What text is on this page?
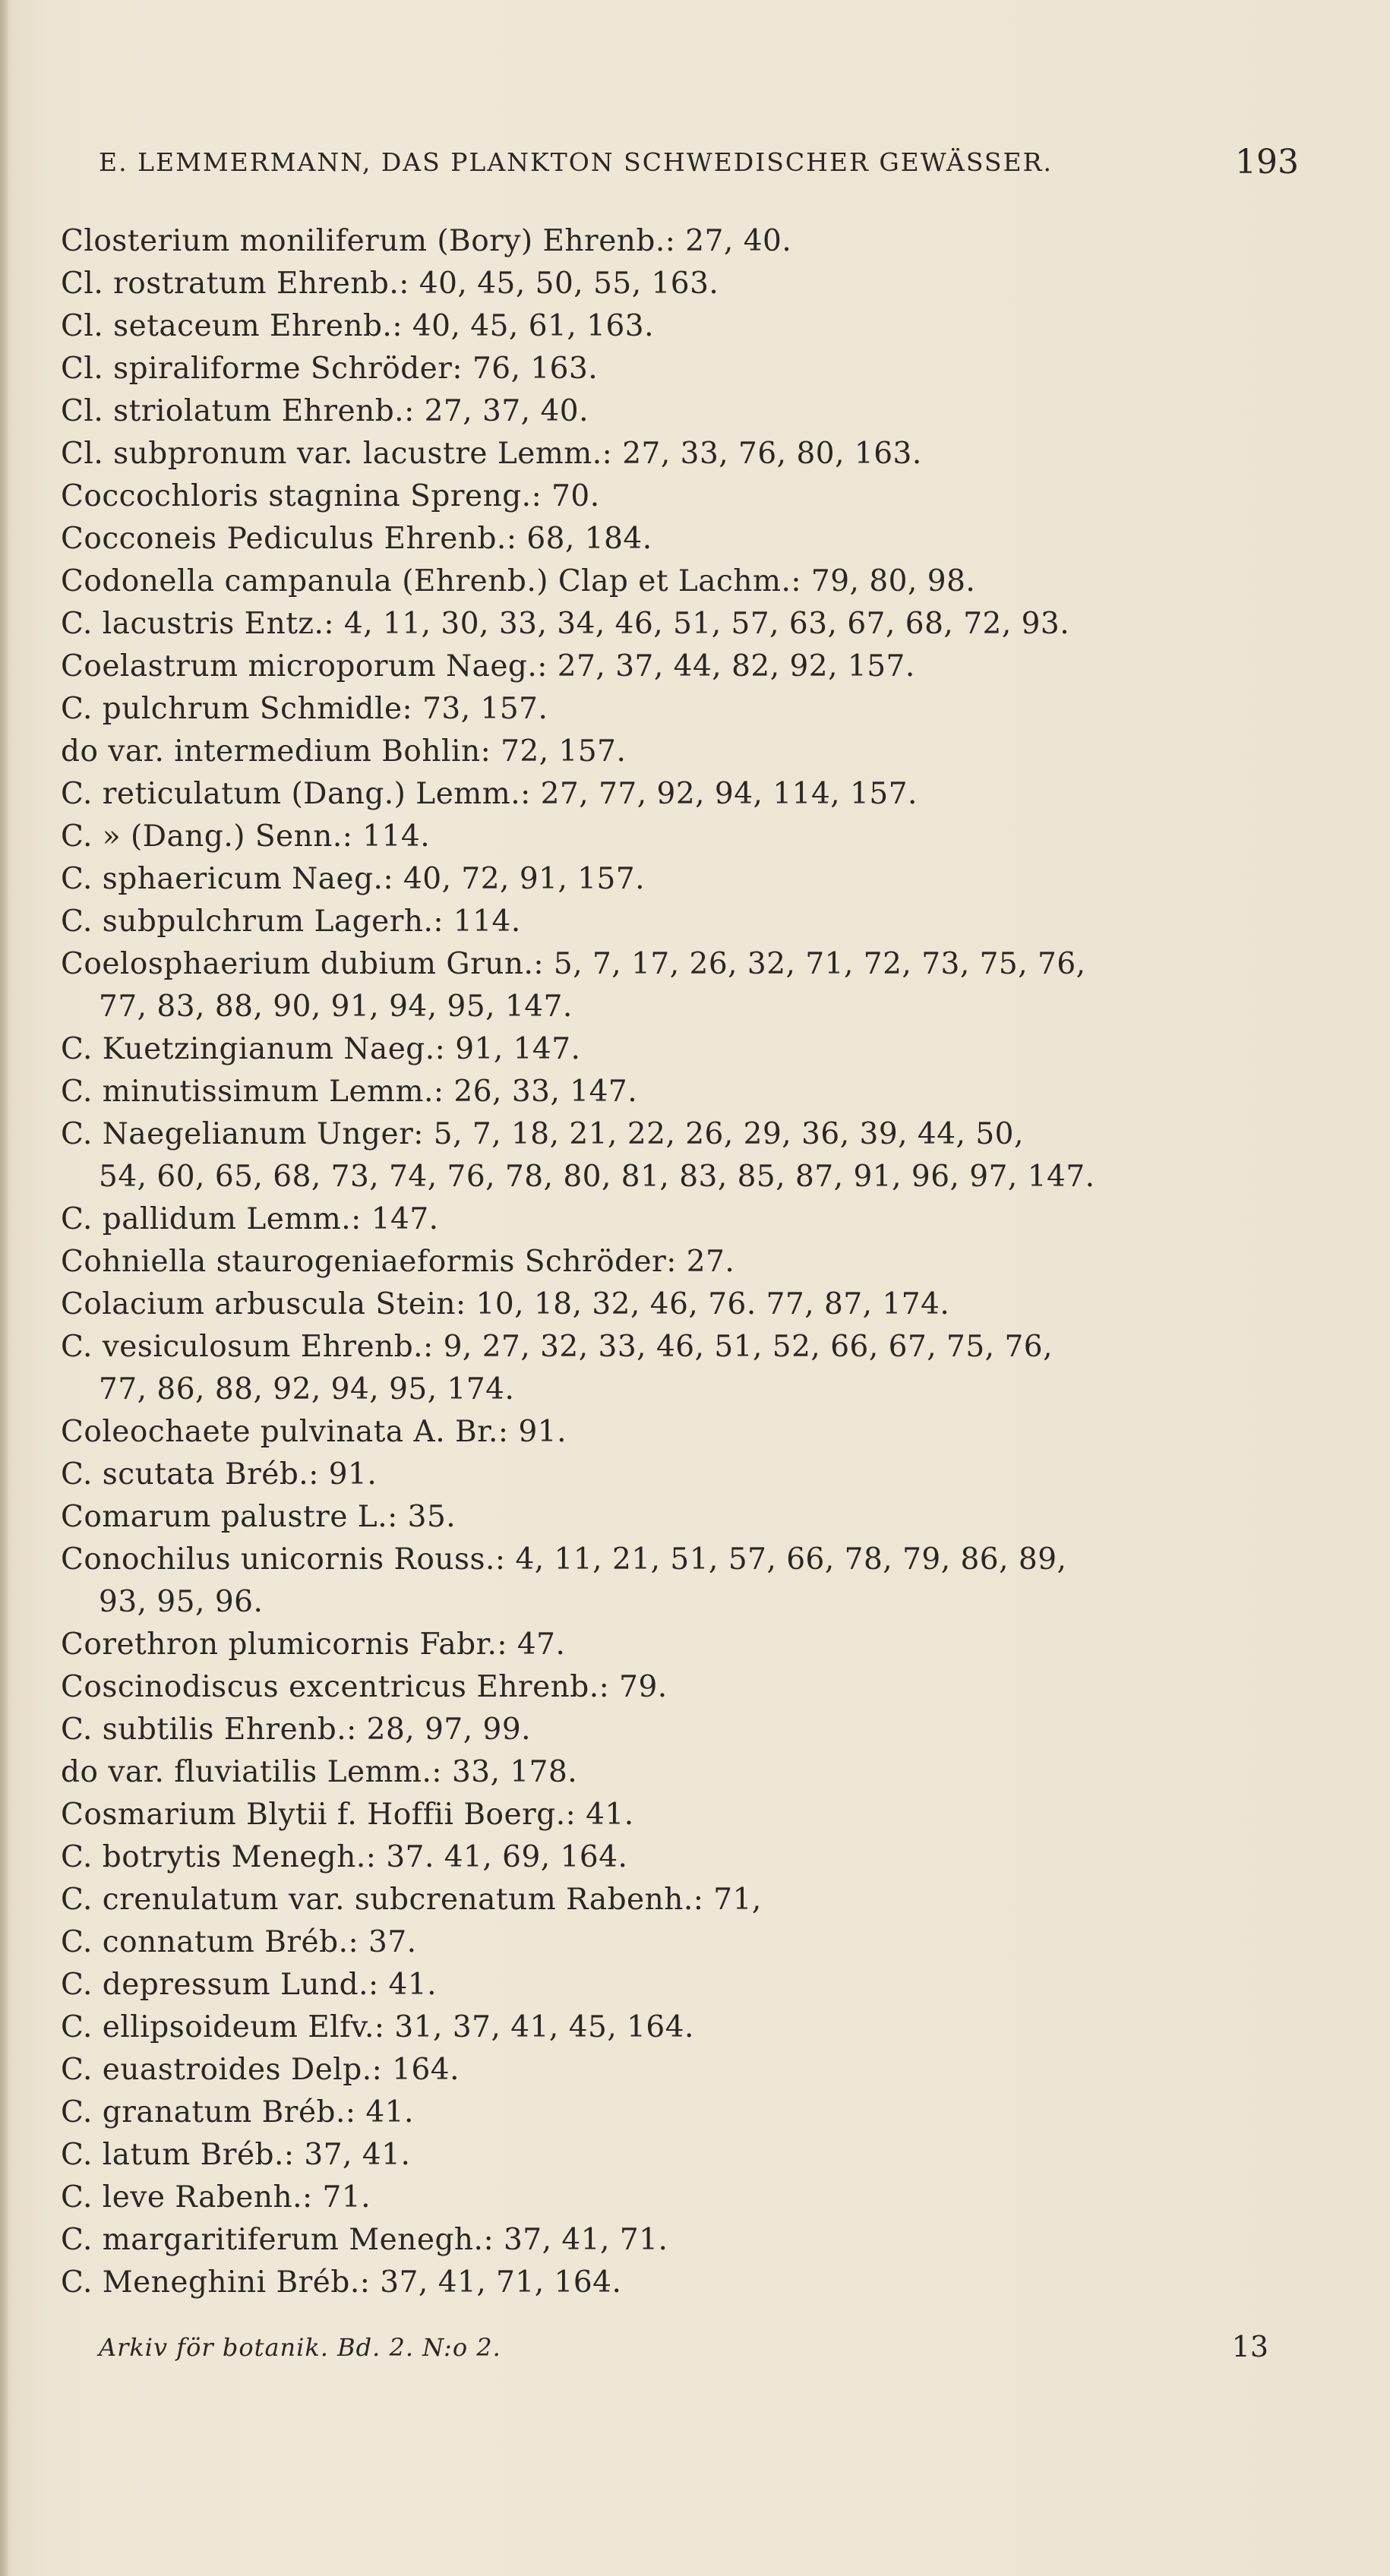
E. LEMMERMANN, DAS PLANKTON SCHWEDISCHER GEWÄSSER.	193
Closterium moniliferum (Bory) Ehrenb.: 27, 40.
Cl. rostratum Ehrenb.: 40, 45, 50, 55, 163.
Cl. setaceum Ehrenb.: 40, 45, 61, 163.
Cl. spiraliforme Schröder: 76, 163.
Cl. striolatum Ehrenb.: 27, 37, 40.
Cl. subpronum var. lacustre Lemm.: 27, 33, 76, 80, 163.
Coccochloris stagnina Spreng.: 70.
Cocconeis Pediculus Ehrenb.: 68, 184.
Codonella campanula (Ehrenb.) Clap et Lachm.: 79, 80, 98.
C. lacustris Entz.: 4, 11, 30, 33, 34, 46, 51, 57, 63, 67, 68, 72, 93.
Coelastrum microporum Naeg.: 27, 37, 44, 82, 92, 157.
C. pulchrum Schmidle: 73, 157.
do var. intermedium Bohlin: 72, 157.
C. reticulatum (Dang.) Lemm.: 27, 77, 92, 94, 114, 157.
C. » (Dang.) Senn.: 114.
C. sphaericum Naeg.: 40, 72, 91, 157.
C. subpulchrum Lagerh.: 114.
Coelosphaerium dubium Grun.: 5, 7, 17, 26, 32, 71, 72, 73, 75, 76,
77, 83, 88, 90, 91, 94, 95, 147.
C. Kuetzingianum Naeg.: 91, 147.
C. minutissimum Lemm.: 26, 33, 147.
C. Naegelianum Unger: 5, 7, 18, 21, 22, 26, 29, 36, 39, 44, 50,
54, 60, 65, 68, 73, 74, 76, 78, 80, 81, 83, 85, 87, 91, 96, 97, 147.
C. pallidum Lemm.: 147.
Cohniella staurogeniaeformis Schröder: 27.
Colacium arbuscula Stein: 10, 18, 32, 46, 76. 77, 87, 174.
C. vesiculosum Ehrenb.: 9, 27, 32, 33, 46, 51, 52, 66, 67, 75, 76,
77, 86, 88, 92, 94, 95, 174.
Coleochaete pulvinata A. Br.: 91.
C. scutata Bréb.: 91.
Comarum palustre L.: 35.
Conochilus unicornis Rouss.: 4, 11, 21, 51, 57, 66, 78, 79, 86, 89,
93, 95, 96.
Corethron plumicornis Fabr.: 47.
Coscinodiscus excentricus Ehrenb.: 79.
C. subtilis Ehrenb.: 28, 97, 99.
do var. fluviatilis Lemm.: 33, 178.
Cosmarium Blytii f. Hoffii Boerg.: 41.
C. botrytis Menegh.: 37. 41, 69, 164.
C. crenulatum var. subcrenatum Rabenh.: 71,
C. connatum Bréb.: 37.
C. depressum Lund.: 41.
C. ellipsoideum Elfv.: 31, 37, 41, 45, 164.
C. euastroides Delp.: 164.
C. granatum Bréb.: 41.
C. latum Bréb.: 37, 41.
C. leve Rabenh.: 71.
C. margaritiferum Menegh.: 37, 41, 71.
C. Meneghini Bréb.: 37, 41, 71, 164.
Arkiv för botanik. Bd. 2. N:o 2.	13
